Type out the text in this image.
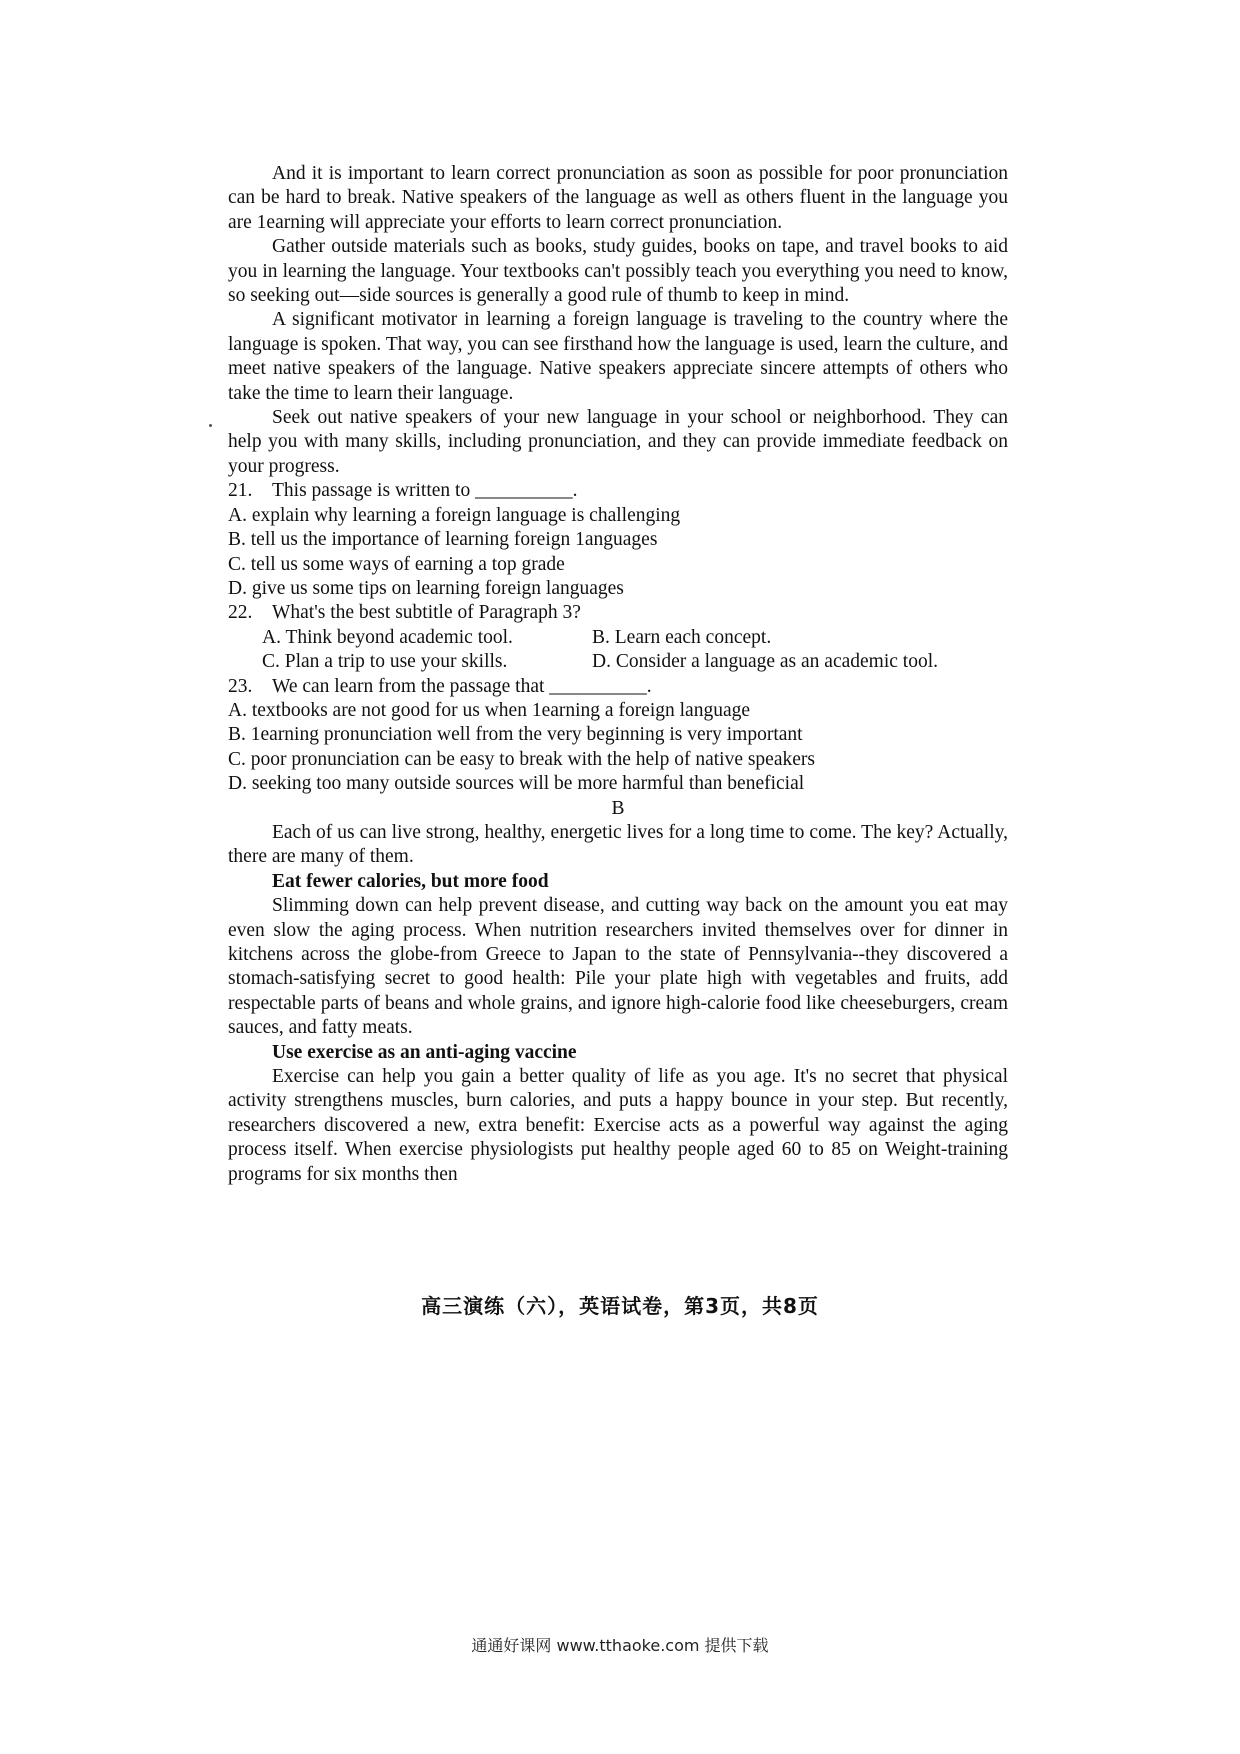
And it is important to learn correct pronunciation as soon as possible for poor pronunciation can be hard to break. Native speakers of the language as well as others fluent in the language you are 1earning will appreciate your efforts to learn correct pronunciation.

Gather outside materials such as books, study guides, books on tape, and travel books to aid you in learning the language. Your textbooks can't possibly teach you everything you need to know, so seeking out—side sources is generally a good rule of thumb to keep in mind.

A significant motivator in learning a foreign language is traveling to the country where the language is spoken. That way, you can see firsthand how the language is used, learn the culture, and meet native speakers of the language. Native speakers appreciate sincere attempts of others who take the time to learn their language.

Seek out native speakers of your new language in your school or neighborhood. They can help you with many skills, including pronunciation, and they can provide immediate feedback on your progress.

21. This passage is written to __________.

A. explain why learning a foreign language is challenging

B. tell us the importance of learning foreign 1anguages

C. tell us some ways of earning a top grade

D. give us some tips on learning foreign languages

22. What's the best subtitle of Paragraph 3?

A. Think beyond academic tool.	B. Learn each concept.
C. Plan a trip to use your skills.	D. Consider a language as an academic tool.

23. We can learn from the passage that __________.

A. textbooks are not good for us when 1earning a foreign language

B. 1earning pronunciation well from the very beginning is very important

C. poor pronunciation can be easy to break with the help of native speakers

D. seeking too many outside sources will be more harmful than beneficial

B

Each of us can live strong, healthy, energetic lives for a long time to come. The key? Actually, there are many of them.

Eat fewer calories, but more food

Slimming down can help prevent disease, and cutting way back on the amount you eat may even slow the aging process. When nutrition researchers invited themselves over for dinner in kitchens across the globe-from Greece to Japan to the state of Pennsylvania--they discovered a stomach-satisfying secret to good health: Pile your plate high with vegetables and fruits, add respectable parts of beans and whole grains, and ignore high-calorie food like cheeseburgers, cream sauces, and fatty meats.

Use exercise as an anti-aging vaccine

Exercise can help you gain a better quality of life as you age. It's no secret that physical activity strengthens muscles, burn calories, and puts a happy bounce in your step. But recently, researchers discovered a new, extra benefit: Exercise acts as a powerful way against the aging process itself. When exercise physiologists put healthy people aged 60 to 85 on Weight-training programs for six months then

高三演练（六），英语试卷，第3页，共8页
通通好课网 www.tthaoke.com 提供下载
